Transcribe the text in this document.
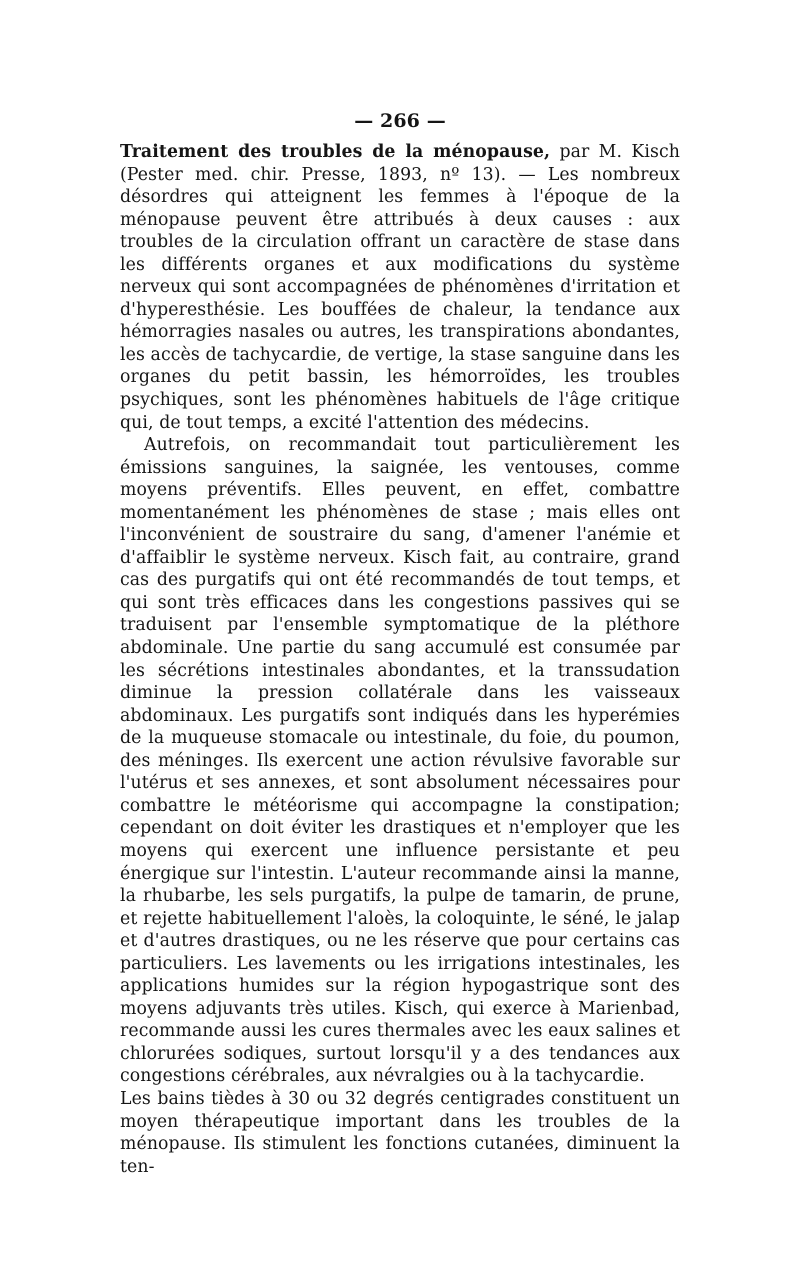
— 266 —

Traitement des troubles de la ménopause, par M. Kisch (Pester med. chir. Presse, 1893, nº 13). — Les nombreux désordres qui atteignent les femmes à l'époque de la ménopause peuvent être attribués à deux causes : aux troubles de la circulation offrant un caractère de stase dans les différents organes et aux modifications du système nerveux qui sont accompagnées de phénomènes d'irritation et d'hyperesthésie. Les bouffées de chaleur, la tendance aux hémorragies nasales ou autres, les transpirations abondantes, les accès de tachycardie, de vertige, la stase sanguine dans les organes du petit bassin, les hémorroïdes, les troubles psychiques, sont les phénomènes habituels de l'âge critique qui, de tout temps, a excité l'attention des médecins.

Autrefois, on recommandait tout particulièrement les émissions sanguines, la saignée, les ventouses, comme moyens préventifs. Elles peuvent, en effet, combattre momentanément les phénomènes de stase ; mais elles ont l'inconvénient de soustraire du sang, d'amener l'anémie et d'affaiblir le système nerveux. Kisch fait, au contraire, grand cas des purgatifs qui ont été recommandés de tout temps, et qui sont très efficaces dans les congestions passives qui se traduisent par l'ensemble symptomatique de la pléthore abdominale. Une partie du sang accumulé est consumée par les sécrétions intestinales abondantes, et la transsudation diminue la pression collatérale dans les vaisseaux abdominaux. Les purgatifs sont indiqués dans les hyperémies de la muqueuse stomacale ou intestinale, du foie, du poumon, des méninges. Ils exercent une action révulsive favorable sur l'utérus et ses annexes, et sont absolument nécessaires pour combattre le météorisme qui accompagne la constipation; cependant on doit éviter les drastiques et n'employer que les moyens qui exercent une influence persistante et peu énergique sur l'intestin. L'auteur recommande ainsi la manne, la rhubarbe, les sels purgatifs, la pulpe de tamarin, de prune, et rejette habituellement l'aloès, la coloquinte, le séné, le jalap et d'autres drastiques, ou ne les réserve que pour certains cas particuliers. Les lavements ou les irrigations intestinales, les applications humides sur la région hypogastrique sont des moyens adjuvants très utiles. Kisch, qui exerce à Marienbad, recommande aussi les cures thermales avec les eaux salines et chlorurées sodiques, surtout lorsqu'il y a des tendances aux congestions cérébrales, aux névralgies ou à la tachycardie.

Les bains tièdes à 30 ou 32 degrés centigrades constituent un moyen thérapeutique important dans les troubles de la ménopause. Ils stimulent les fonctions cutanées, diminuent la ten-
